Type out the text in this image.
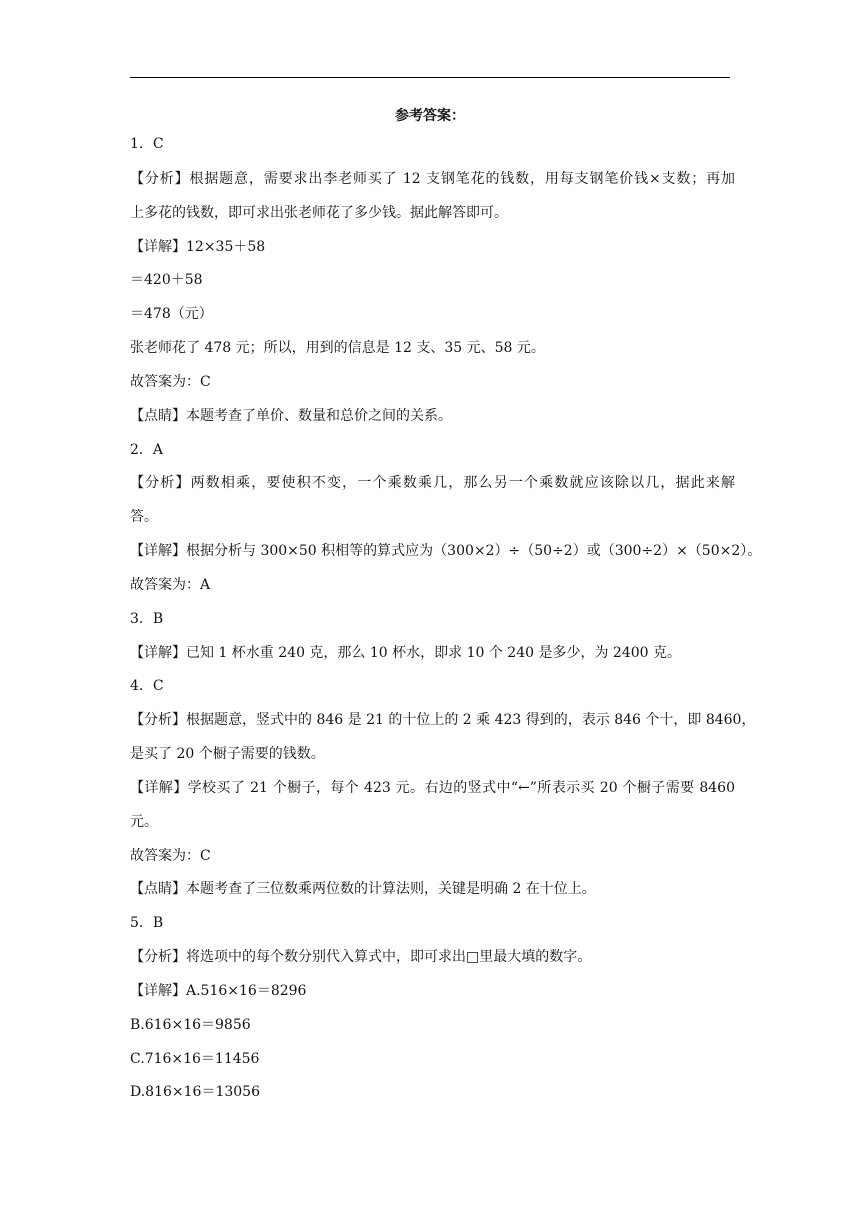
参考答案：
1．C
【分析】根据题意，需要求出李老师买了 12 支钢笔花的钱数，用每支钢笔价钱×支数；再加
上多花的钱数，即可求出张老师花了多少钱。据此解答即可。
【详解】12×35＋58
＝420＋58
＝478（元）
张老师花了 478 元；所以，用到的信息是 12 支、35 元、58 元。
故答案为：C
【点睛】本题考查了单价、数量和总价之间的关系。
2．A
【分析】两数相乘，要使积不变，一个乘数乘几，那么另一个乘数就应该除以几，据此来解
答。
【详解】根据分析与 300×50 积相等的算式应为（300×2）÷（50÷2）或（300÷2）×（50×2）。
故答案为：A
3．B
【详解】已知 1 杯水重 240 克，那么 10 杯水，即求 10 个 240 是多少，为 2400 克。
4．C
【分析】根据题意，竖式中的 846 是 21 的十位上的 2 乘 423 得到的，表示 846 个十，即 8460，
是买了 20 个橱子需要的钱数。
【详解】学校买了 21 个橱子，每个 423 元。右边的竖式中“←”所表示买 20 个橱子需要 8460
元。
故答案为：C
【点睛】本题考查了三位数乘两位数的计算法则，关键是明确 2 在十位上。
5．B
【分析】将选项中的每个数分别代入算式中，即可求出□里最大填的数字。
【详解】A.516×16＝8296
B.616×16＝9856
C.716×16＝11456
D.816×16＝13056
